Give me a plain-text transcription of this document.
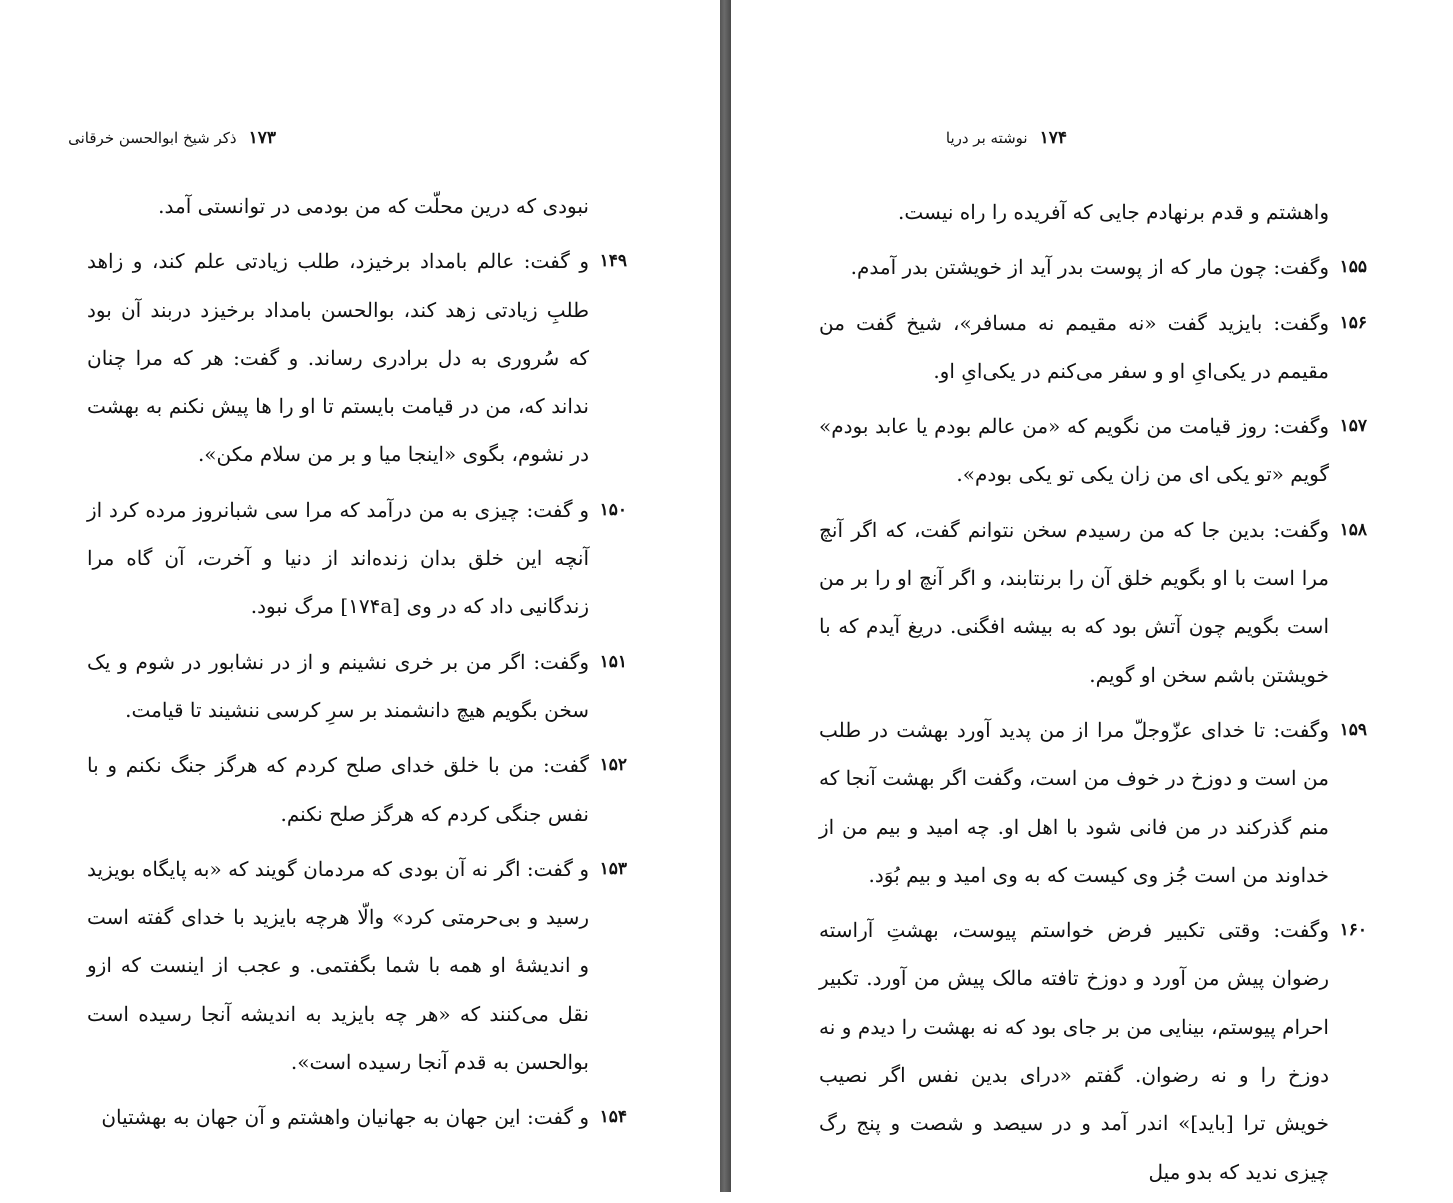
۱۷۳
ذکر شیخ ابوالحسن خرقانی
نبودی که درین محلّت که من بودمی در توانستی آمد.
۱۴۹
و گفت: عالم بامداد برخیزد، طلب زیادتی علم کند، و زاهد طلبِ زیادتی زهد کند، بوالحسن بامداد برخیزد دربند آن بود که سُروری به دل برادری رساند. و گفت: هر که مرا چنان نداند که، من در قیامت بایستم تا او را ها پیش نکنم به بهشت در نشوم، بگوی «اینجا میا و بر من سلام مکن».
۱۵۰
و گفت: چیزی به من درآمد که مرا سی شبانروز مرده کرد از آنچه این خلق بدان زنده‌اند از دنیا و آخرت، آن گاه مرا زندگانیی داد که در وی [۱۷۴a] مرگ نبود.
۱۵۱
وگفت: اگر من بر خری نشینم و از در نشابور در شوم و یک سخن بگویم هیچ دانشمند بر سرِ کرسی ننشیند تا قیامت.
۱۵۲
گفت: من با خلق خدای صلح کردم که هرگز جنگ نکنم و با نفس جنگی کردم که هرگز صلح نکنم.
۱۵۳
و گفت: اگر نه آن بودی که مردمان گویند که «به پایگاه بویزید رسید و بی‌حرمتی کرد» والّا هرچه بایزید با خدای گفته است و اندیشهٔ او همه با شما بگفتمی. و عجب از اینست که ازو نقل می‌کنند که «هر چه بایزید به اندیشه آنجا رسیده است بوالحسن به قدم آنجا رسیده است».
۱۵۴
و گفت: این جهان به جهانیان واهشتم و آن جهان به بهشتیان
۱۷۴
نوشته بر دریا
واهشتم و قدم برنهادم جایی که آفریده را راه نیست.
۱۵۵
وگفت: چون مار که از پوست بدر آید از خویشتن بدر آمدم.
۱۵۶
وگفت: بایزید گفت «نه مقیمم نه مسافر»، شیخ گفت من مقیمم در یکی‌ایِ او و سفر می‌کنم در یکی‌ایِ او.
۱۵۷
وگفت: روز قیامت من نگویم که «من عالم بودم یا عابد بودم» گویم «تو یکی ای من زان یکی تو یکی بودم».
۱۵۸
وگفت: بدین جا که من رسیدم سخن نتوانم گفت، که اگر آنچ مرا است با او بگویم خلق آن را برنتابند، و اگر آنچ او را بر من است بگویم چون آتش بود که به بیشه افگنی. دریغ آیدم که با خویشتن باشم سخن او گویم.
۱۵۹
وگفت: تا خدای عزّوجلّ مرا از من پدید آورد بهشت در طلب من است و دوزخ در خوف من است، وگفت اگر بهشت آنجا که منم گذرکند در من فانی شود با اهل او. چه امید و بیم من از خداوند من است جُز وی کیست که به وی امید و بیم بُوَد.
۱۶۰
وگفت: وقتی تکبیر فرض خواستم پیوست، بهشتِ آراسته رضوان پیش من آورد و دوزخ تافته مالک پیش من آورد. تکبیر احرام پیوستم، بینایی من بر جای بود که نه بهشت را دیدم و نه دوزخ را و نه رضوان. گفتم «درای بدین نفس اگر نصیب خویش ترا [باید]» اندر آمد و در سیصد و شصت و پنج رگ چیزی ندید که بدو میل
